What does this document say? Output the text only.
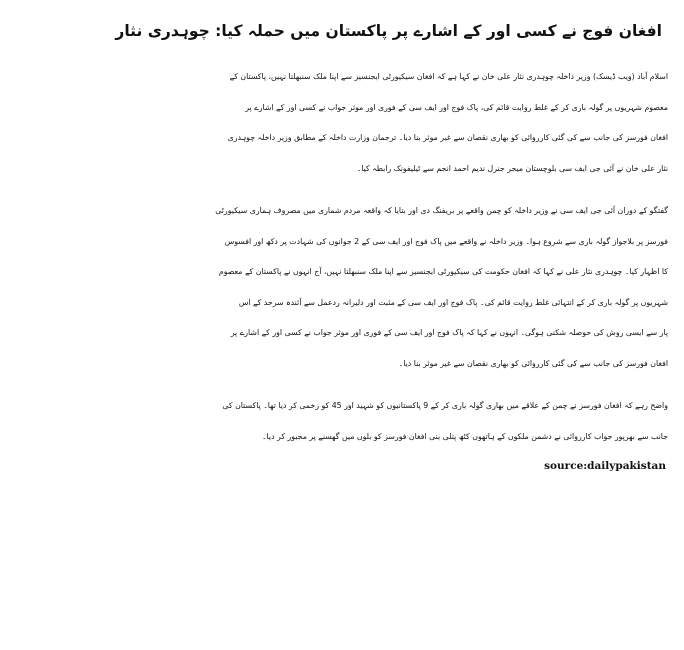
افغان فوج نے کسی اور کے اشارے پر پاکستان میں حملہ کیا: چوہدری نثار

اسلام آباد (ویب ڈیسک) وزیر داخلہ چوہدری نثار علی خان نے کہا ہے کہ افغان سیکیورٹی ایجنسیز سے اپنا ملک سنبھلتا نہیں، پاکستان کے
معصوم شہریوں پر گولہ باری کر کے غلط روایت قائم کی، پاک فوج اور ایف سی کے فوری اور موثر جواب نے کسی اور کے اشارے پر
افغان فورسز کی جانب سے کی گئی کارروائی کو بھاری نقصان سے غیر موثر بنا دیا۔ ترجمان وزارت داخلہ کے مطابق وزیر داخلہ چوہدری
نثار علی خان نے آئی جی ایف سی بلوچستان میجر جنرل ندیم احمد انجم سے ٹیلیفونک رابطہ کیا۔

گفتگو کے دوران آئی جی ایف سی نے وزیر داخلہ کو چمن واقعے پر بریفنگ دی اور بتایا کہ واقعہ مردم شماری میں مصروف ہماری سیکیورٹی
فورسز پر بلاجواز گولہ باری سے شروع ہوا۔ وزیر داخلہ نے واقعے میں پاک فوج اور ایف سی کے 2 جوانوں کی شہادت پر دکھ اور افسوس
کا اظہار کیا۔ چوہدری نثار علی نے کہا کہ افغان حکومت کی سیکیورٹی ایجنسیز سے اپنا ملک سنبھلتا نہیں، آج انہوں نے پاکستان کے معصوم
شہریوں پر گولہ باری کر کے انتہائی غلط روایت قائم کی۔ پاک فوج اور ایف سی کے مثبت اور دلیرانہ ردعمل سے آئندہ سرحد کے اس
پار سے ایسی روش کی حوصلہ شکنی ہوگی۔ انہوں نے کہا کہ پاک فوج اور ایف سی کے فوری اور موثر جواب نے کسی اور کے اشارے پر
افغان فورسز کی جانب سے کی گئی کارروائی کو بھاری نقصان سے غیر موثر بنا دیا۔

واضح رہے کہ افغان فورسز نے چمن کے علاقے میں بھاری گولہ باری کر کے 9 پاکستانیوں کو شہید اور 45 کو زخمی کر دیا تھا۔ پاکستان کی
جانب سے بھرپور جواب کارروائی نے دشمن ملکوں کے ہاتھوں کٹھ پتلی بنی افغان فورسز کو بلوں میں گھسنے پر مجبور کر دیا۔

source:dailypakistan
